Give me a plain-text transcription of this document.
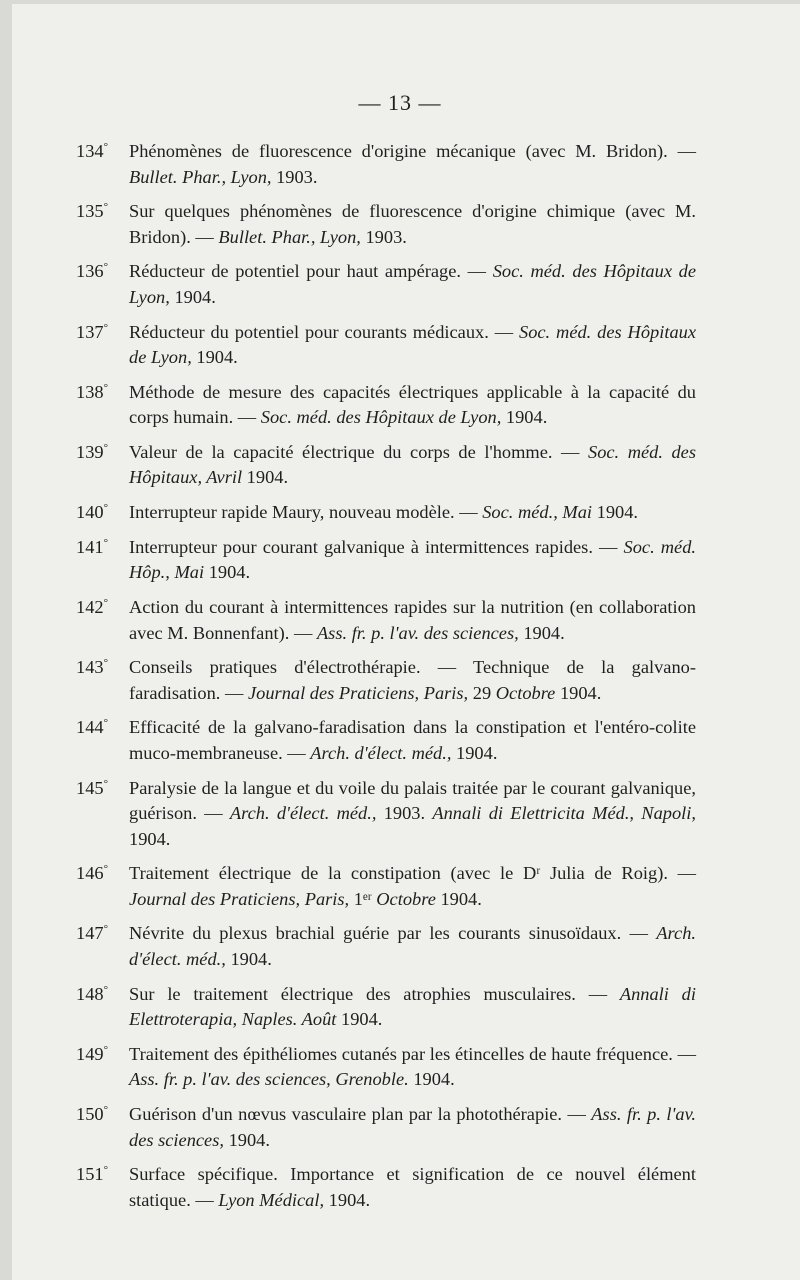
— 13 —
134° Phénomènes de fluorescence d'origine mécanique (avec M. Bridon). — Bullet. Phar., Lyon, 1903.
135° Sur quelques phénomènes de fluorescence d'origine chimique (avec M. Bridon). — Bullet. Phar., Lyon, 1903.
136° Réducteur de potentiel pour haut ampérage. — Soc. méd. des Hôpitaux de Lyon, 1904.
137° Réducteur du potentiel pour courants médicaux. — Soc. méd. des Hôpitaux de Lyon, 1904.
138° Méthode de mesure des capacités électriques applicable à la capacité du corps humain. — Soc. méd. des Hôpitaux de Lyon, 1904.
139° Valeur de la capacité électrique du corps de l'homme. — Soc. méd. des Hôpitaux, Avril 1904.
140° Interrupteur rapide Maury, nouveau modèle. — Soc. méd., Mai 1904.
141° Interrupteur pour courant galvanique à intermittences rapides. — Soc. méd. Hôp., Mai 1904.
142° Action du courant à intermittences rapides sur la nutrition (en collaboration avec M. Bonnenfant). — Ass. fr. p. l'av. des sciences, 1904.
143° Conseils pratiques d'électrothérapie. — Technique de la galvano-faradisation. — Journal des Praticiens, Paris, 29 Octobre 1904.
144° Efficacité de la galvano-faradisation dans la constipation et l'entéro-colite muco-membraneuse. — Arch. d'élect. méd., 1904.
145° Paralysie de la langue et du voile du palais traitée par le courant galvanique, guérison. — Arch. d'élect. méd., 1903. Annali di Elettricita Méd., Napoli, 1904.
146° Traitement électrique de la constipation (avec le Dʳ Julia de Roig). — Journal des Praticiens, Paris, 1ᵉʳ Octobre 1904.
147° Névrite du plexus brachial guérie par les courants sinusoïdaux. — Arch. d'élect. méd., 1904.
148° Sur le traitement électrique des atrophies musculaires. — Annali di Elettroterapia, Naples. Août 1904.
149° Traitement des épithéliomes cutanés par les étincelles de haute fréquence. — Ass. fr. p. l'av. des sciences, Grenoble. 1904.
150° Guérison d'un nœvus vasculaire plan par la photothérapie. — Ass. fr. p. l'av. des sciences, 1904.
151° Surface spécifique. Importance et signification de ce nouvel élément statique. — Lyon Médical, 1904.
